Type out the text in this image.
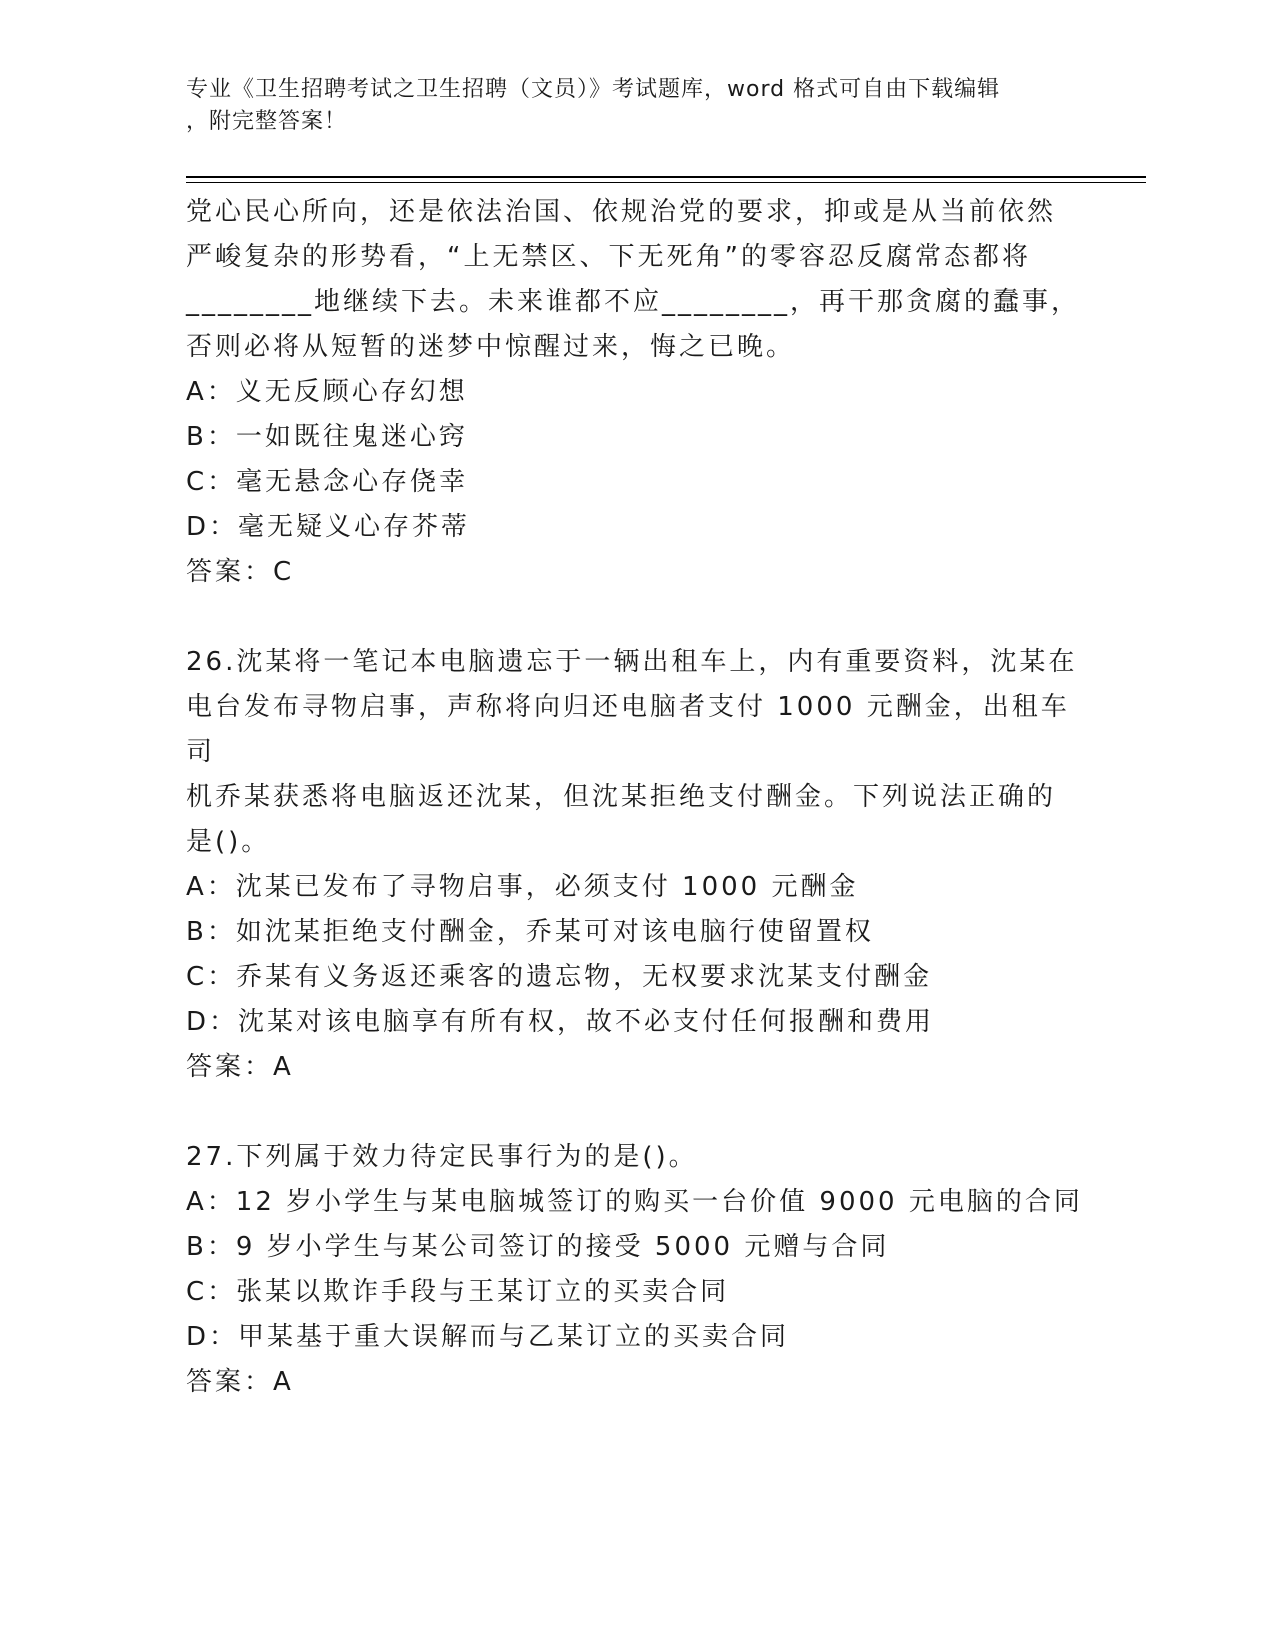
专业《卫生招聘考试之卫生招聘（文员）》考试题库，word 格式可自由下载编辑
，附完整答案！

党心民心所向，还是依法治国、依规治党的要求，抑或是从当前依然

严峻复杂的形势看，“上无禁区、下无死角”的零容忍反腐常态都将

________地继续下去。未来谁都不应________，再干那贪腐的蠢事，

否则必将从短暂的迷梦中惊醒过来，悔之已晚。

A：义无反顾心存幻想

B：一如既往鬼迷心窍

C：毫无悬念心存侥幸

D：毫无疑义心存芥蒂

答案：C

26.沈某将一笔记本电脑遗忘于一辆出租车上，内有重要资料，沈某在

电台发布寻物启事，声称将向归还电脑者支付 1000 元酬金，出租车司

机乔某获悉将电脑返还沈某，但沈某拒绝支付酬金。下列说法正确的

是()。

A：沈某已发布了寻物启事，必须支付 1000 元酬金

B：如沈某拒绝支付酬金，乔某可对该电脑行使留置权

C：乔某有义务返还乘客的遗忘物，无权要求沈某支付酬金

D：沈某对该电脑享有所有权，故不必支付任何报酬和费用

答案：A

27.下列属于效力待定民事行为的是()。

A：12 岁小学生与某电脑城签订的购买一台价值 9000 元电脑的合同

B：9 岁小学生与某公司签订的接受 5000 元赠与合同

C：张某以欺诈手段与王某订立的买卖合同

D：甲某基于重大误解而与乙某订立的买卖合同

答案：A
